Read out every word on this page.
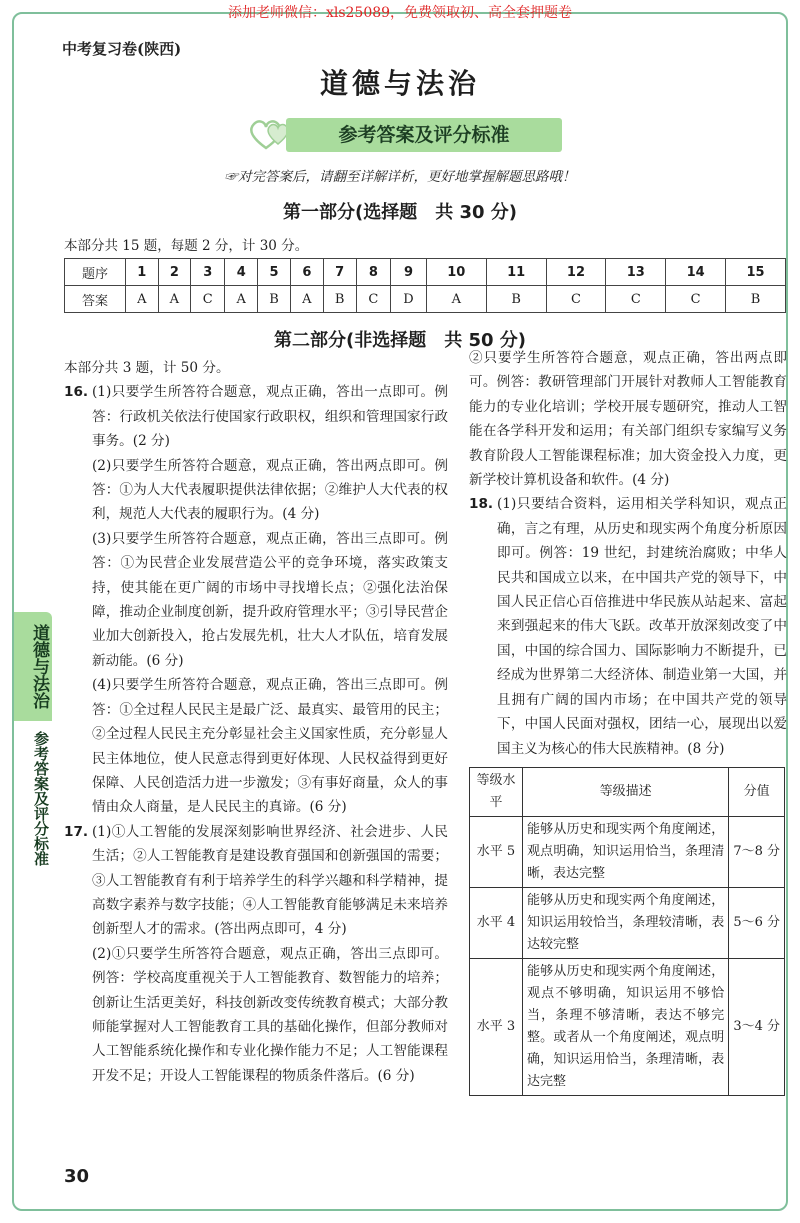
添加老师微信：xls25089，免费领取初、高全套押题卷
中考复习卷(陕西)
道德与法治
参考答案及评分标准
☞对完答案后，请翻至详解详析，更好地掌握解题思路哦！
第一部分(选择题　共 30 分)
本部分共 15 题，每题 2 分，计 30 分。
题序	1	2	3	4	5	6	7	8	9	10	11	12	13	14	15
答案	A	A	C	A	B	A	B	C	D	A	B	C	C	C	B
第二部分(非选择题　共 50 分)

本部分共 3 题，计 50 分。

16. (1)只要学生所答符合题意，观点正确，答出一点即可。例答：行政机关依法行使国家行政职权，组织和管理国家行政事务。(2 分)

(2)只要学生所答符合题意，观点正确，答出两点即可。例答：①为人大代表履职提供法律依据；②维护人大代表的权利，规范人大代表的履职行为。(4 分)

(3)只要学生所答符合题意，观点正确，答出三点即可。例答：①为民营企业发展营造公平的竞争环境，落实政策支持，使其能在更广阔的市场中寻找增长点；②强化法治保障，推动企业制度创新，提升政府管理水平；③引导民营企业加大创新投入，抢占发展先机，壮大人才队伍，培育发展新动能。(6 分)

(4)只要学生所答符合题意，观点正确，答出三点即可。例答：①全过程人民民主是最广泛、最真实、最管用的民主；②全过程人民民主充分彰显社会主义国家性质，充分彰显人民主体地位，使人民意志得到更好体现、人民权益得到更好保障、人民创造活力进一步激发；③有事好商量，众人的事情由众人商量，是人民民主的真谛。(6 分)

17. (1)①人工智能的发展深刻影响世界经济、社会进步、人民生活；②人工智能教育是建设教育强国和创新强国的需要；③人工智能教育有利于培养学生的科学兴趣和科学精神，提高数字素养与数字技能；④人工智能教育能够满足未来培养创新型人才的需求。(答出两点即可，4 分)

(2)①只要学生所答符合题意，观点正确，答出三点即可。例答：学校高度重视关于人工智能教育、数智能力的培养；创新让生活更美好，科技创新改变传统教育模式；大部分教师能掌握对人工智能教育工具的基础化操作，但部分教师对人工智能系统化操作和专业化操作能力不足；人工智能课程开发不足；开设人工智能课程的物质条件落后。(6 分)

②只要学生所答符合题意，观点正确，答出两点即可。例答：教研管理部门开展针对教师人工智能教育能力的专业化培训；学校开展专题研究，推动人工智能在各学科开发和运用；有关部门组织专家编写义务教育阶段人工智能课程标准；加大资金投入力度，更新学校计算机设备和软件。(4 分)

18. (1)只要结合资料，运用相关学科知识，观点正确，言之有理，从历史和现实两个角度分析原因即可。例答：19 世纪，封建统治腐败；中华人民共和国成立以来，在中国共产党的领导下，中国人民正信心百倍推进中华民族从站起来、富起来到强起来的伟大飞跃。改革开放深刻改变了中国，中国的综合国力、国际影响力不断提升，已经成为世界第二大经济体、制造业第一大国，并且拥有广阔的国内市场；在中国共产党的领导下，中国人民面对强权，团结一心，展现出以爱国主义为核心的伟大民族精神。(8 分)

等级水平	等级描述	分值
水平 5	能够从历史和现实两个角度阐述，观点明确，知识运用恰当，条理清晰，表达完整	7～8 分
水平 4	能够从历史和现实两个角度阐述，知识运用较恰当，条理较清晰，表达较完整	5～6 分
水平 3	能够从历史和现实两个角度阐述，观点不够明确，知识运用不够恰当，条理不够清晰，表达不够完整。或者从一个角度阐述，观点明确，知识运用恰当，条理清晰，表达完整	3～4 分
道德与法治
参考答案及评分标准
30
